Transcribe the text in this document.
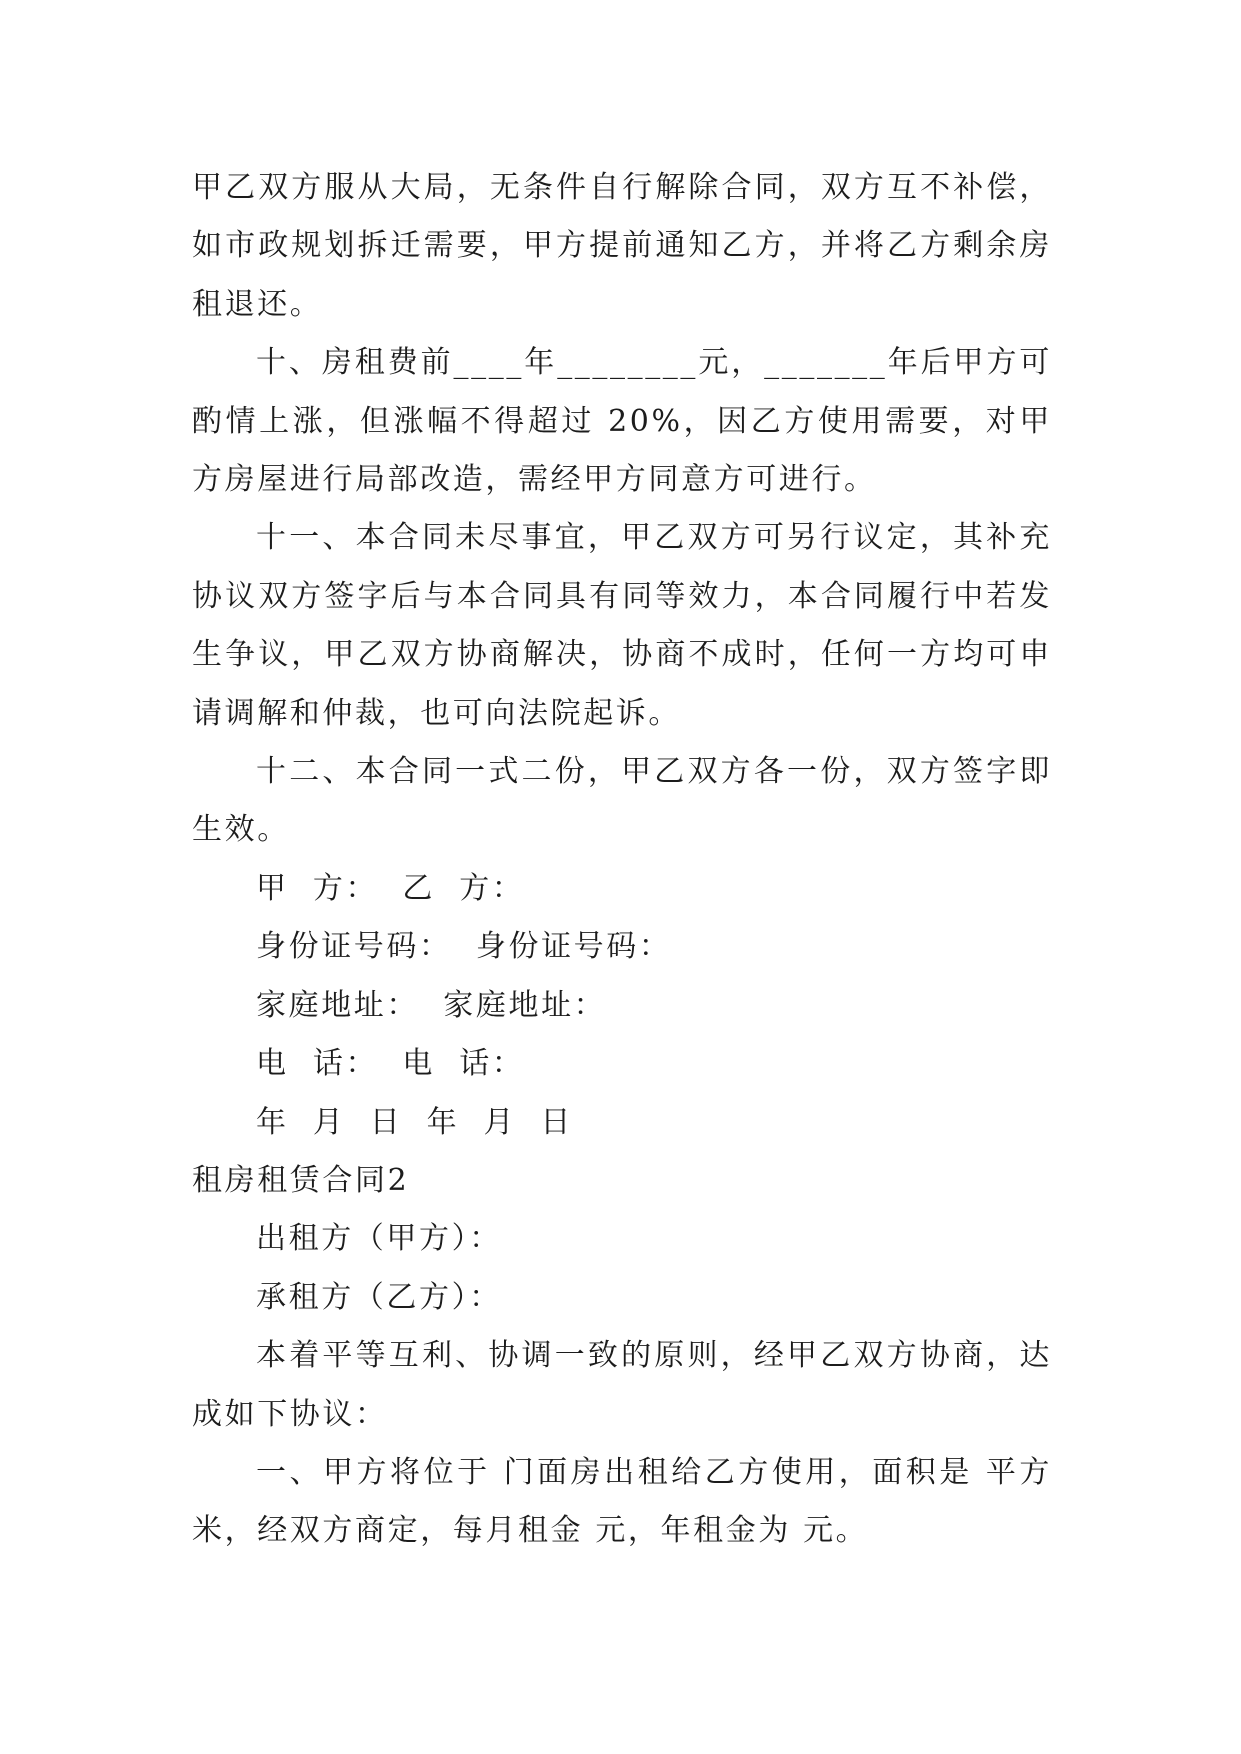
甲乙双方服从大局，无条件自行解除合同，双方互不补偿，如市政规划拆迁需要，甲方提前通知乙方，并将乙方剩余房租退还。

十、房租费前____年________元，_______年后甲方可酌情上涨，但涨幅不得超过 20%，因乙方使用需要，对甲方房屋进行局部改造，需经甲方同意方可进行。

十一、本合同未尽事宜，甲乙双方可另行议定，其补充协议双方签字后与本合同具有同等效力，本合同履行中若发生争议，甲乙双方协商解决，协商不成时，任何一方均可申请调解和仲裁，也可向法院起诉。

十二、本合同一式二份，甲乙双方各一份，双方签字即生效。

甲  方：  乙  方：

身份证号码：  身份证号码：

家庭地址：  家庭地址：

电  话：  电  话：

年  月  日  年  月  日

租房租赁合同2

出租方（甲方）：

承租方（乙方）：

本着平等互利、协调一致的原则，经甲乙双方协商，达成如下协议：

一、甲方将位于 门面房出租给乙方使用，面积是 平方米，经双方商定，每月租金 元，年租金为 元。
